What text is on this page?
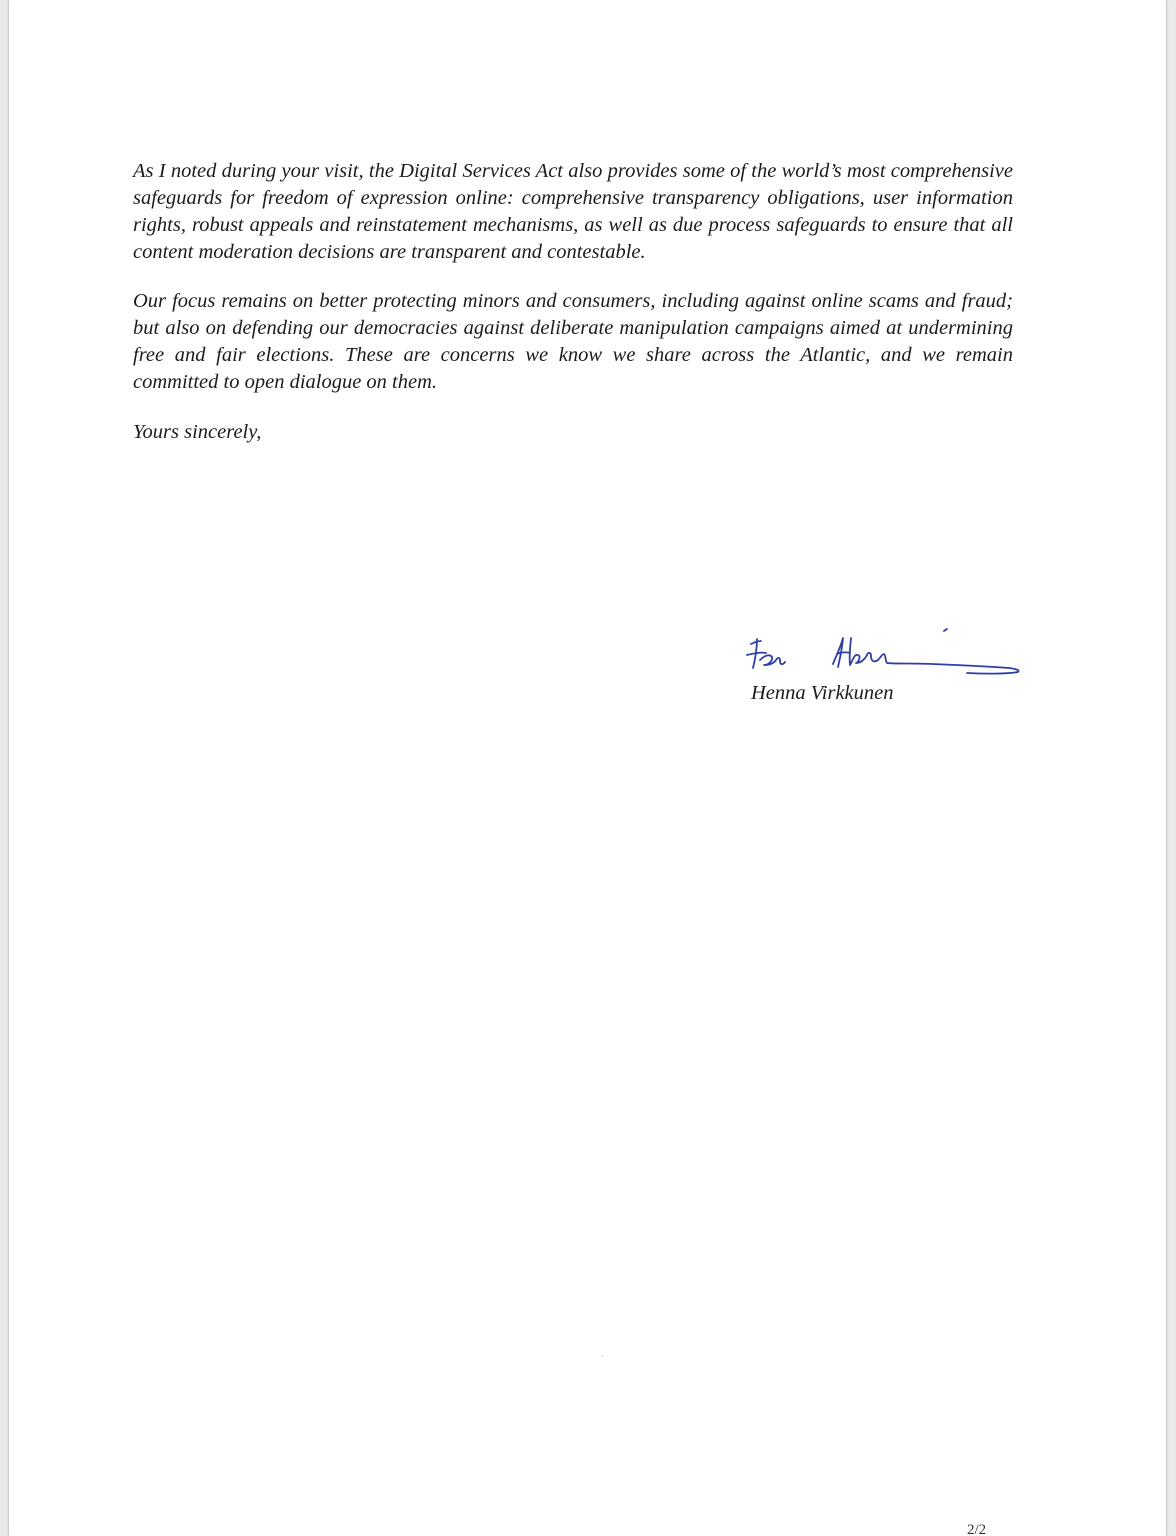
As I noted during your visit, the Digital Services Act also provides some of the world’s most comprehensive safeguards for freedom of expression online: comprehensive transparency obligations, user information rights, robust appeals and reinstatement mechanisms, as well as due process safeguards to ensure that all content moderation decisions are transparent and contestable.

Our focus remains on better protecting minors and consumers, including against online scams and fraud; but also on defending our democracies against deliberate manipulation campaigns aimed at undermining free and fair elections. These are concerns we know we share across the Atlantic, and we remain committed to open dialogue on them.

Yours sincerely,

Henna Virkkunen
2/2
